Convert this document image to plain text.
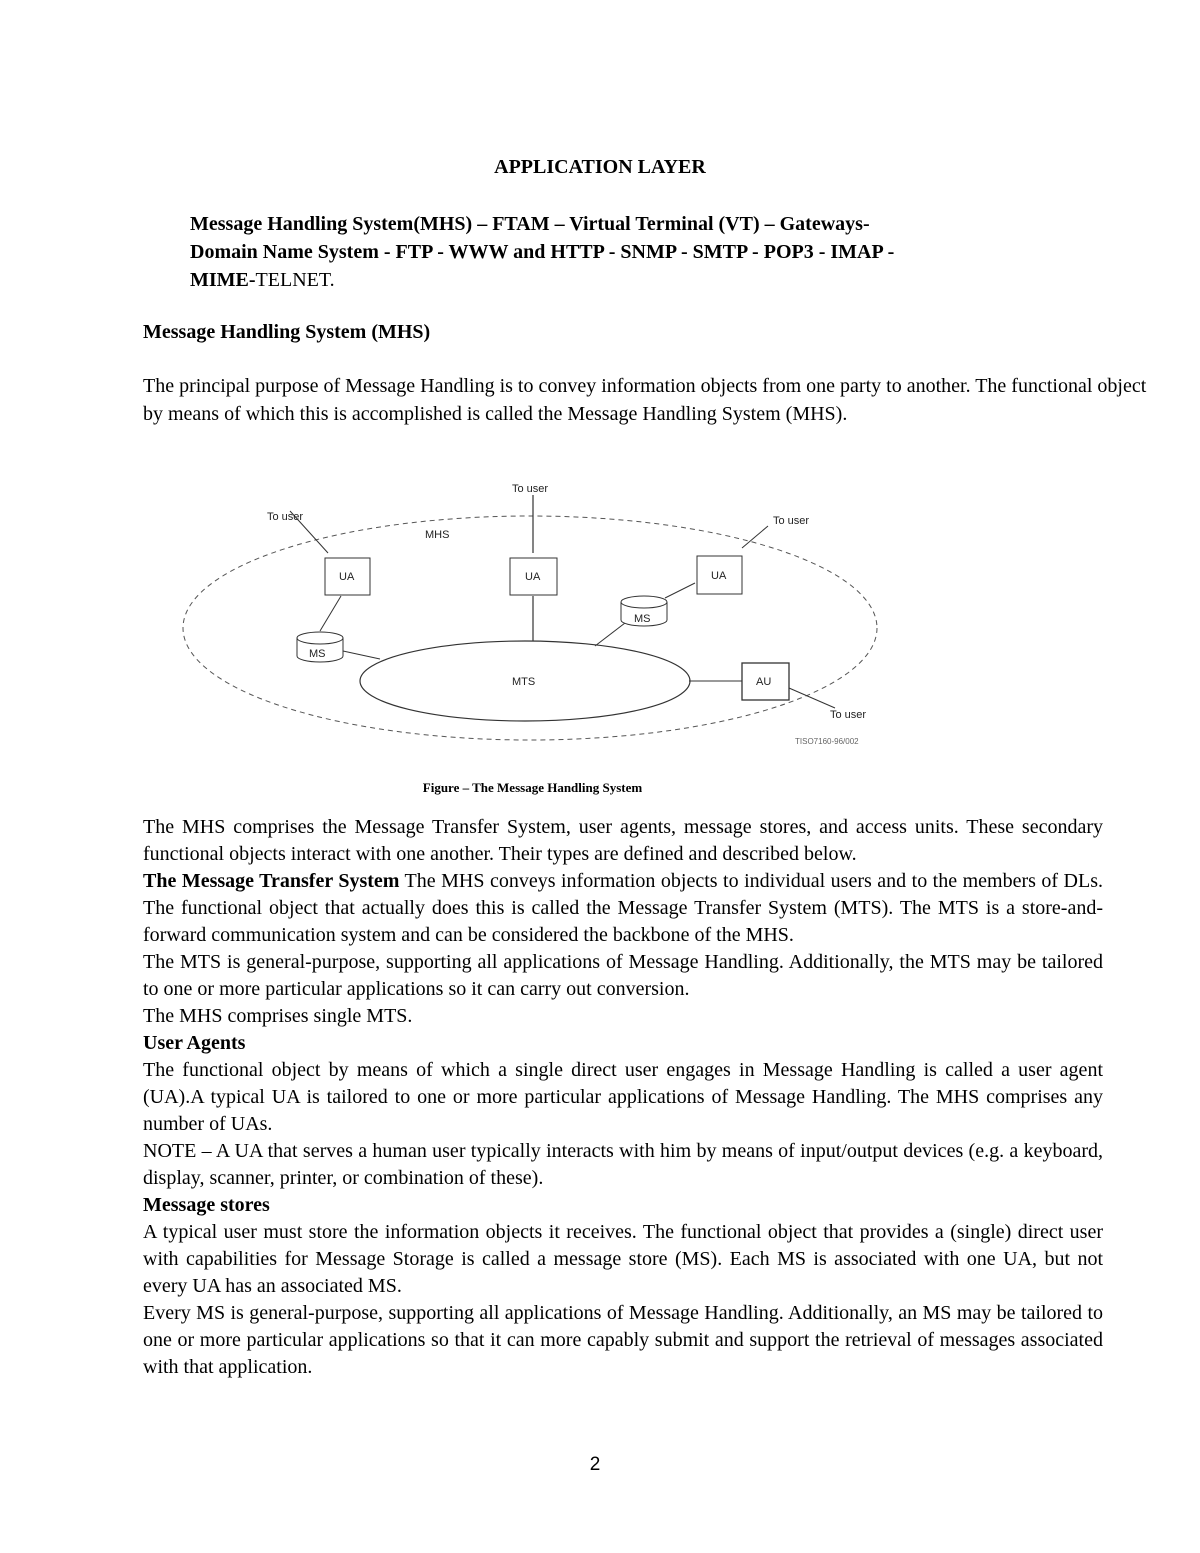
APPLICATION LAYER
Message Handling System(MHS) – FTAM – Virtual Terminal (VT) – Gateways-
Domain Name System - FTP - WWW and HTTP - SNMP - SMTP - POP3 - IMAP -
MIME-TELNET.
Message Handling System (MHS)
The principal purpose of Message Handling is to convey information objects from one party to another. The functional object by means of which this is accomplished is called the Message Handling System (MHS).
MHS
MTS
UA	UA	UA
AU
MS
MS
To user
To user	To user
To user
TISO7160-96/002
Figure – The Message Handling System

The MHS comprises the Message Transfer System, user agents, message stores, and access units. These secondary functional objects interact with one another. Their types are defined and described below.

The Message Transfer System The MHS conveys information objects to individual users and to the members of DLs. The functional object that actually does this is called the Message Transfer System (MTS). The MTS is a store-and-forward communication system and can be considered the backbone of the MHS.

The MTS is general-purpose, supporting all applications of Message Handling. Additionally, the MTS may be tailored to one or more particular applications so it can carry out conversion.

The MHS comprises single MTS.

User Agents

The functional object by means of which a single direct user engages in Message Handling is called a user agent (UA).A typical UA is tailored to one or more particular applications of Message Handling. The MHS comprises any number of UAs.

NOTE – A UA that serves a human user typically interacts with him by means of input/output devices (e.g. a keyboard, display, scanner, printer, or combination of these).

Message stores

A typical user must store the information objects it receives. The functional object that provides a (single) direct user with capabilities for Message Storage is called a message store (MS). Each MS is associated with one UA, but not every UA has an associated MS.

Every MS is general-purpose, supporting all applications of Message Handling. Additionally, an MS may be tailored to one or more particular applications so that it can more capably submit and support the retrieval of messages associated with that application.

2
